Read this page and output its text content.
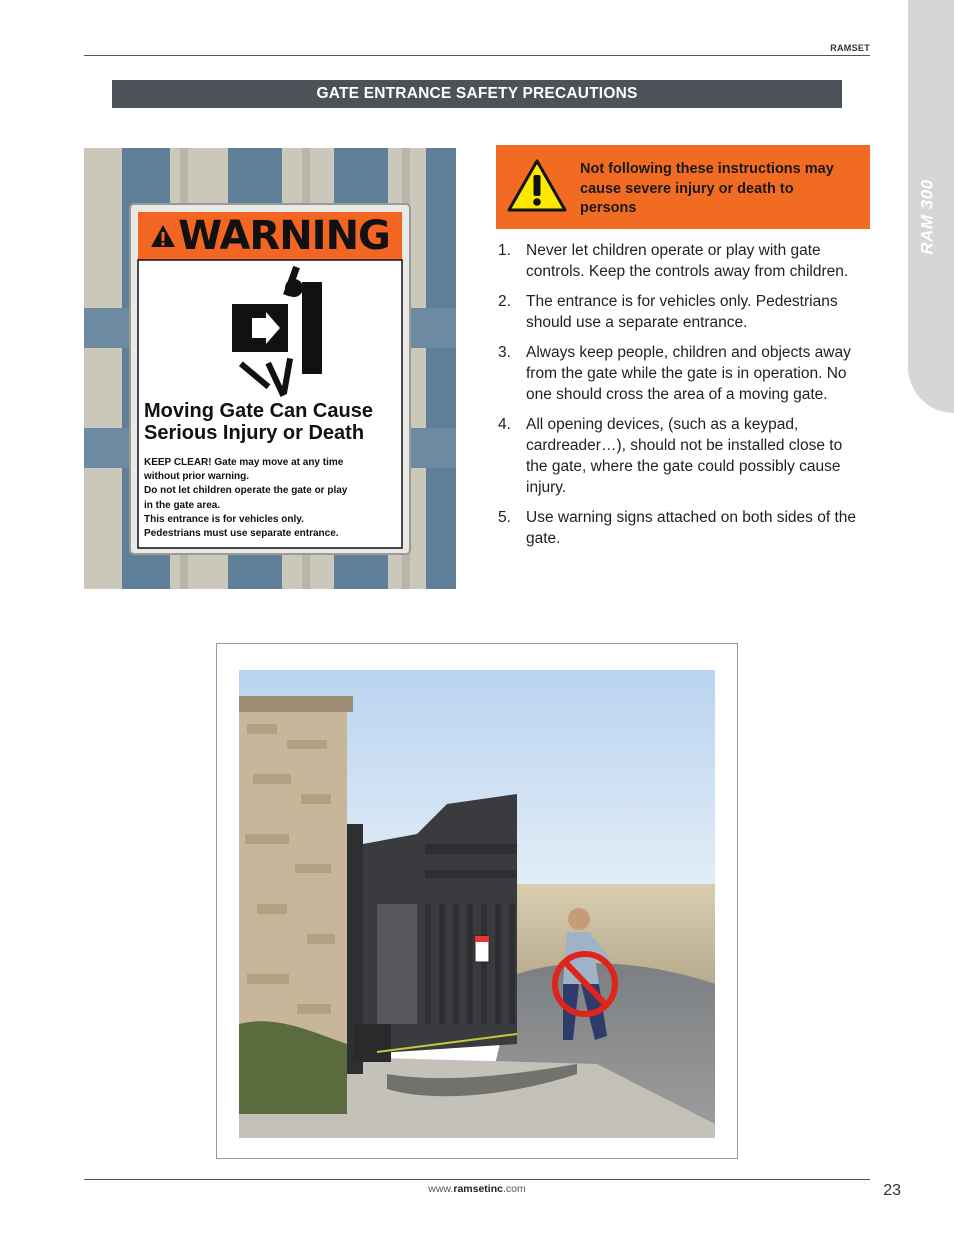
RAMSET
RAM 300
GATE ENTRANCE SAFETY PRECAUTIONS
WARNING
Moving Gate Can Cause
Serious Injury or Death
KEEP CLEAR! Gate may move at any time
without prior warning.
Do not let children operate the gate or play
in the gate area.
This entrance is for vehicles only.
Pedestrians must use separate entrance.
Not following these instructions may cause severe injury or death to persons
1. Never let children operate or play with gate controls. Keep the controls away from children.
2. The entrance is for vehicles only. Pedestrians should use a separate entrance.
3. Always keep people, children and objects away from the gate while the gate is in operation. No one should cross the area of a moving gate.
4. All opening devices, (such as a keypad, cardreader…), should not be installed close to the gate, where the gate could possibly cause injury.
5. Use warning signs attached on both sides of the gate.
www.ramsetinc.com	23
